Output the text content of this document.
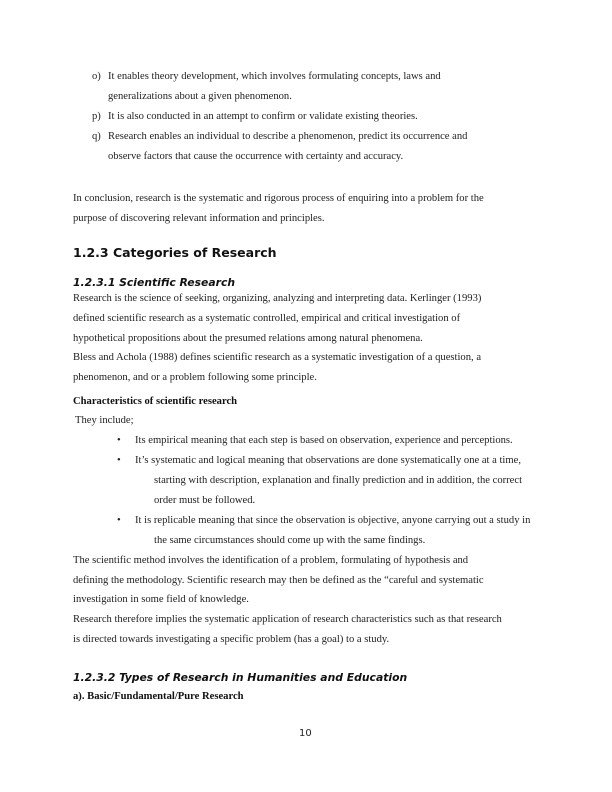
o) It enables theory development, which involves formulating concepts, laws and
generalizations about a given phenomenon.
p) It is also conducted in an attempt to confirm or validate existing theories.
q) Research enables an individual to describe a phenomenon, predict its occurrence and
observe factors that cause the occurrence with certainty and accuracy.
In conclusion, research is the systematic and rigorous process of enquiring into a problem for the
purpose of discovering relevant information and principles.
1.2.3 Categories of Research
1.2.3.1 Scientific Research
Research is the science of seeking, organizing, analyzing and interpreting data. Kerlinger (1993)
defined scientific research as a systematic controlled, empirical and critical investigation of
hypothetical propositions about the presumed relations among natural phenomena.
Bless and Achola (1988) defines scientific research as a systematic investigation of a question, a
phenomenon, and or a problem following some principle.
Characteristics of scientific research
They include;
• Its empirical meaning that each step is based on observation, experience and perceptions.
• It’s systematic and logical meaning that observations are done systematically one at a time,
starting with description, explanation and finally prediction and in addition, the correct
order must be followed.
• It is replicable meaning that since the observation is objective, anyone carrying out a study in
the same circumstances should come up with the same findings.
The scientific method involves the identification of a problem, formulating of hypothesis and
defining the methodology. Scientific research may then be defined as the “careful and systematic
investigation in some field of knowledge.
Research therefore implies the systematic application of research characteristics such as that research
is directed towards investigating a specific problem (has a goal) to a study.
1.2.3.2 Types of Research in Humanities and Education
a). Basic/Fundamental/Pure Research
10
